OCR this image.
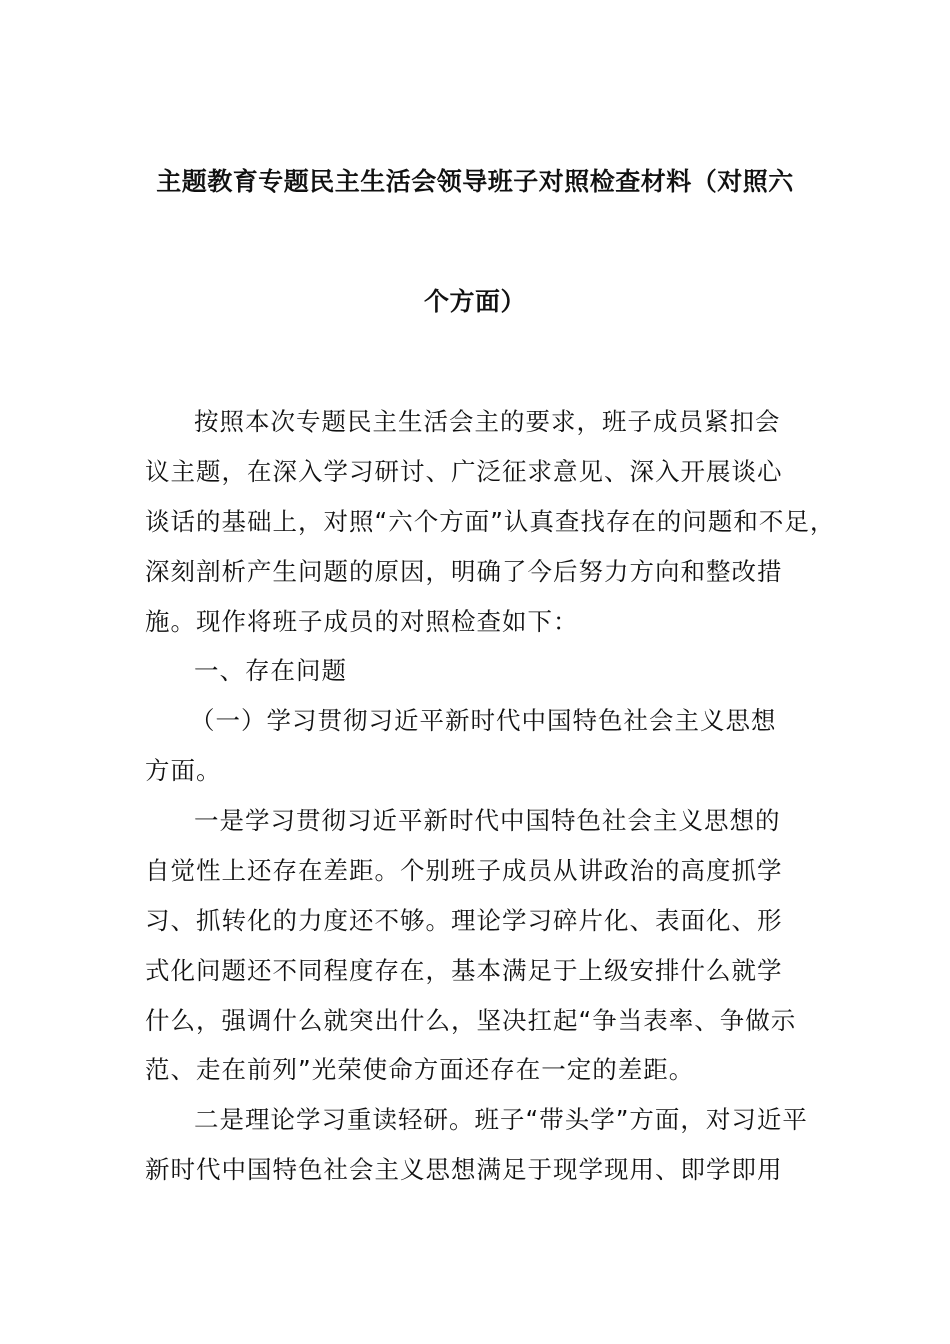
主题教育专题民主生活会领导班子对照检查材料（对照六
个方面）
按照本次专题民主生活会主的要求，班子成员紧扣会
议主题，在深入学习研讨、广泛征求意见、深入开展谈心
谈话的基础上，对照“六个方面”认真查找存在的问题和不足，
深刻剖析产生问题的原因，明确了今后努力方向和整改措
施。现作将班子成员的对照检查如下：
一、存在问题
（一）学习贯彻习近平新时代中国特色社会主义思想
方面。
一是学习贯彻习近平新时代中国特色社会主义思想的
自觉性上还存在差距。个别班子成员从讲政治的高度抓学
习、抓转化的力度还不够。理论学习碎片化、表面化、形
式化问题还不同程度存在，基本满足于上级安排什么就学
什么，强调什么就突出什么，坚决扛起“争当表率、争做示
范、走在前列”光荣使命方面还存在一定的差距。
二是理论学习重读轻研。班子“带头学”方面，对习近平
新时代中国特色社会主义思想满足于现学现用、即学即用
